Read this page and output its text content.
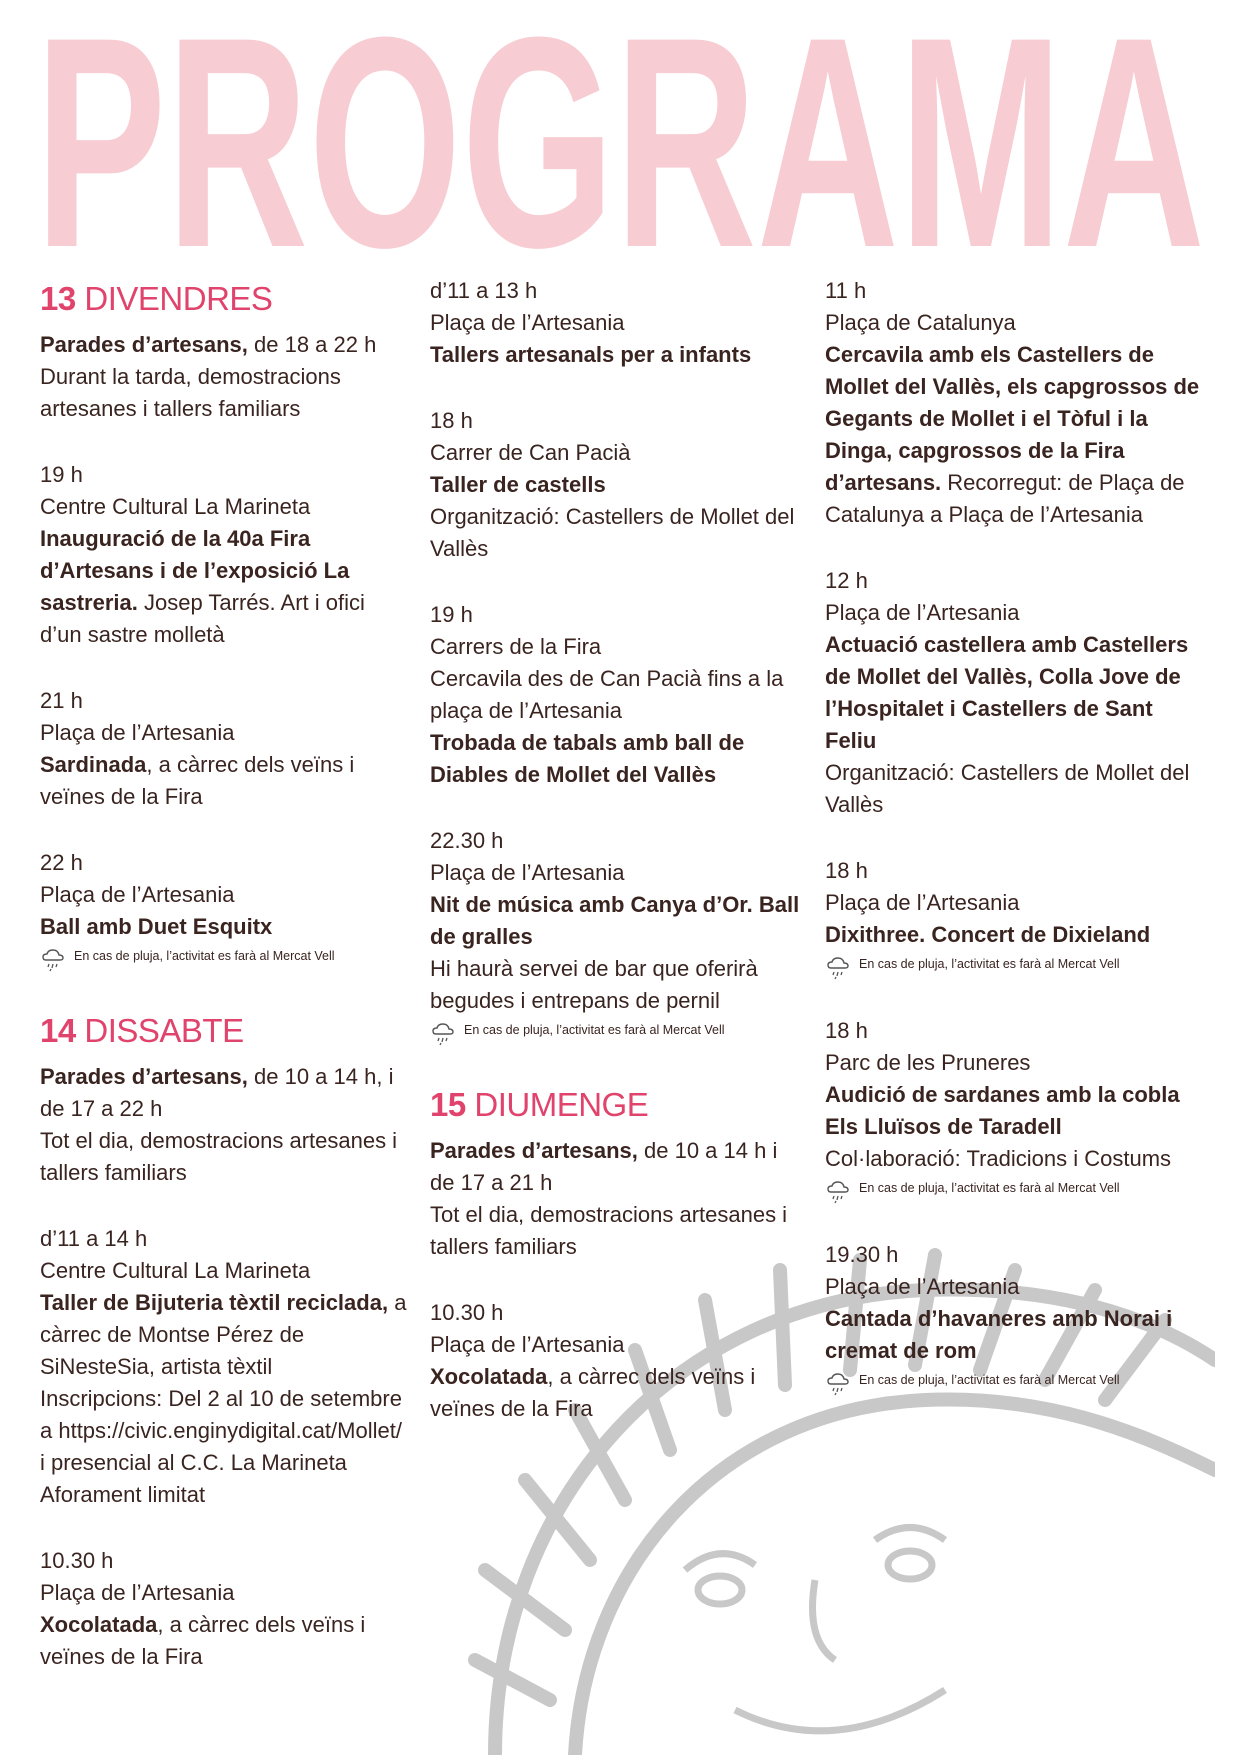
PROGRAMA
13 DIVENDRES
Parades d’artesans, de 18 a 22 h
Durant la tarda, demostracions artesanes i tallers familiars
19 h
Centre Cultural La Marineta
Inauguració de la 40a Fira d’Artesans i de l’exposició La sastreria. Josep Tarrés. Art i ofici d’un sastre molletà
21 h
Plaça de l’Artesania
Sardinada, a càrrec dels veïns i veïnes de la Fira
22 h
Plaça de l’Artesania
Ball amb Duet Esquitx
En cas de pluja, l’activitat es farà al Mercat Vell
14 DISSABTE
Parades d’artesans, de 10 a 14 h, i de 17 a 22 h
Tot el dia, demostracions artesanes i tallers familiars
d’11 a 14 h
Centre Cultural La Marineta
Taller de Bijuteria tèxtil reciclada, a càrrec de Montse Pérez de SiNesteSia, artista tèxtil
Inscripcions: Del 2 al 10 de setembre a https://civic.enginydigital.cat/Mollet/ i presencial al C.C. La Marineta
Aforament limitat
10.30 h
Plaça de l’Artesania
Xocolatada, a càrrec dels veïns i veïnes de la Fira
d’11 a 13 h
Plaça de l’Artesania
Tallers artesanals per a infants
18 h
Carrer de Can Pacià
Taller de castells
Organització: Castellers de Mollet del Vallès
19 h
Carrers de la Fira
Cercavila des de Can Pacià fins a la plaça de l’Artesania
Trobada de tabals amb ball de Diables de Mollet del Vallès
22.30 h
Plaça de l’Artesania
Nit de música amb Canya d’Or. Ball de gralles
Hi haurà servei de bar que oferirà begudes i entrepans de pernil
En cas de pluja, l’activitat es farà al Mercat Vell
15 DIUMENGE
Parades d’artesans, de 10 a 14 h i de 17 a 21 h
Tot el dia, demostracions artesanes i tallers familiars
10.30 h
Plaça de l’Artesania
Xocolatada, a càrrec dels veïns i veïnes de la Fira
11 h
Plaça de Catalunya
Cercavila amb els Castellers de Mollet del Vallès, els capgrossos de Gegants de Mollet i el Tòful i la Dinga, capgrossos de la Fira d’artesans. Recorregut: de Plaça de Catalunya a Plaça de l’Artesania
12 h
Plaça de l’Artesania
Actuació castellera amb Castellers de Mollet del Vallès, Colla Jove de l’Hospitalet i Castellers de Sant Feliu
Organització: Castellers de Mollet del Vallès
18 h
Plaça de l’Artesania
Dixithree. Concert de Dixieland
En cas de pluja, l’activitat es farà al Mercat Vell
18 h
Parc de les Pruneres
Audició de sardanes amb la cobla Els Lluïsos de Taradell
Col·laboració: Tradicions i Costums
En cas de pluja, l’activitat es farà al Mercat Vell
19.30 h
Plaça de l’Artesania
Cantada d’havaneres amb Norai i cremat de rom
En cas de pluja, l’activitat es farà al Mercat Vell
